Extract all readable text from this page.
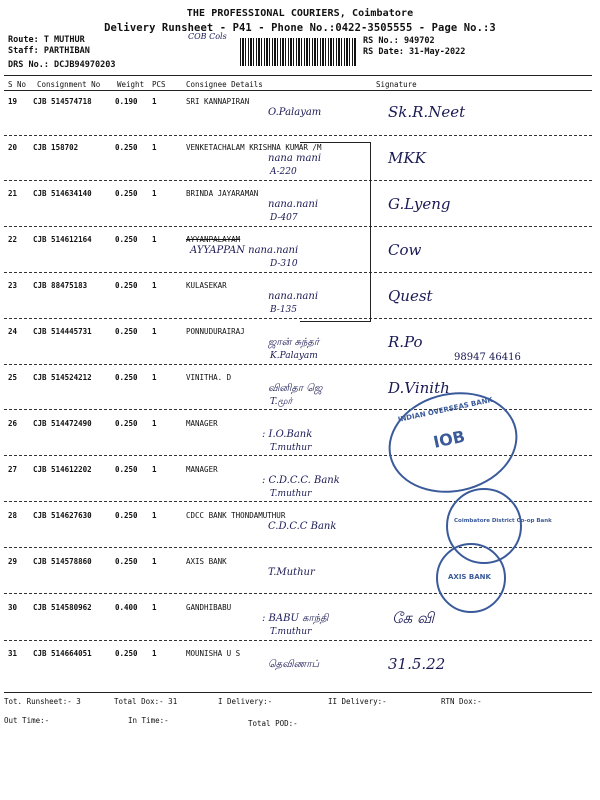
THE PROFESSIONAL COURIERS, Coimbatore
Delivery Runsheet - P41 - Phone No.:0422-3505555 - Page No.:3
Route: T MUTHUR
Staff: PARTHIBAN
DRS No.: DCJB94970203
COB Cols	RS No.: 949702
RS Date: 31-May-2022
S No Consignment No Weight PCS	Consignee Details	Signature
19 CJB 514574718	0.190 1	SRI KANNAPIRAN
O.Palayam	Sk.R.Neet
20 CJB 158702	0.250 1	VENKETACHALAM KRISHNA KUMAR /M
nana mani
A-220
MKK
21 CJB 514634140	0.250 1	BRINDA JAYARAMAN
nana.nani
D-407
G.Lyeng
22 CJB 514612164	0.250 1	AYYANPALAYAM
AYYAPPAN nana.nani
D-310
Cow
23 CJB 88475183	0.250 1	KULASEKAR
nana.nani
B-135
Quest
24 CJB 514445731	0.250 1	PONNUDURAIRAJ
ஜான் சுந்தர்
K.Palayam
R.Po
25 CJB 514524212	0.250 1	VINITHA. D
வினிதா ஜெ
T.மூர்
D.Vinith
26 CJB 514472490	0.250 1	MANAGER
: I.O.Bank
T.muthur
27 CJB 514612202	0.250 1	MANAGER
: C.D.C.C. Bank
T.muthur
28 CJB 514627630	0.250 1	CDCC BANK THONDAMUTHUR
C.D.C.C Bank
29 CJB 514578860	0.250 1	AXIS BANK
T.Muthur
30 CJB 514580962	0.400 1	GANDHIBABU
: BABU காந்தி
T.muthur
கே வி
31 CJB 514664051	0.250 1	MOUNISHA U S
தெவிணாப்	31.5.22
98947 46416
INDIAN OVERSEAS BANK
IOB
Coimbatore District Co-op Bank
AXIS BANK
Tot. Runsheet:- 3	Total Dox:- 31	I Delivery:-	II Delivery:-	RTN Dox:-
Out Time:-	In Time:-	Total POD:-
